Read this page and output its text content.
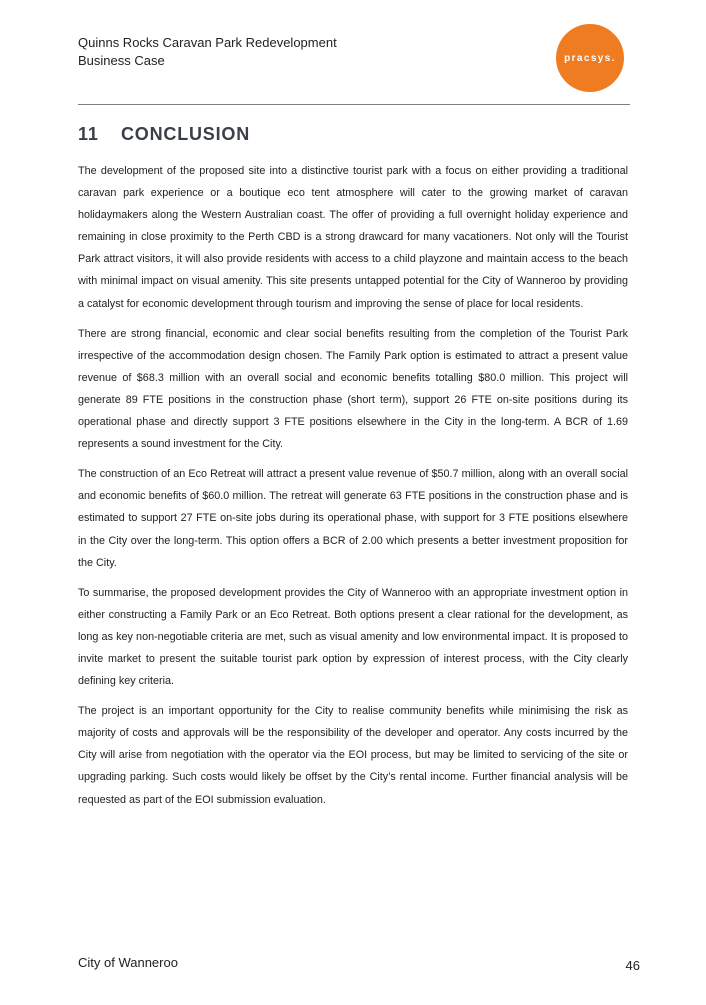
Quinns Rocks Caravan Park Redevelopment
Business Case	pracsys.
11 CONCLUSION

The development of the proposed site into a distinctive tourist park with a focus on either providing a traditional caravan park experience or a boutique eco tent atmosphere will cater to the growing market of caravan holidaymakers along the Western Australian coast. The offer of providing a full overnight holiday experience and remaining in close proximity to the Perth CBD is a strong drawcard for many vacationers. Not only will the Tourist Park attract visitors, it will also provide residents with access to a child playzone and maintain access to the beach with minimal impact on visual amenity. This site presents untapped potential for the City of Wanneroo by providing a catalyst for economic development through tourism and improving the sense of place for local residents.

There are strong financial, economic and clear social benefits resulting from the completion of the Tourist Park irrespective of the accommodation design chosen. The Family Park option is estimated to attract a present value revenue of $68.3 million with an overall social and economic benefits totalling $80.0 million. This project will generate 89 FTE positions in the construction phase (short term), support 26 FTE on-site positions during its operational phase and directly support 3 FTE positions elsewhere in the City in the long-term. A BCR of 1.69 represents a sound investment for the City.

The construction of an Eco Retreat will attract a present value revenue of $50.7 million, along with an overall social and economic benefits of $60.0 million. The retreat will generate 63 FTE positions in the construction phase and is estimated to support 27 FTE on-site jobs during its operational phase, with support for 3 FTE positions elsewhere in the City over the long-term. This option offers a BCR of 2.00 which presents a better investment proposition for the City.

To summarise, the proposed development provides the City of Wanneroo with an appropriate investment option in either constructing a Family Park or an Eco Retreat. Both options present a clear rational for the development, as long as key non-negotiable criteria are met, such as visual amenity and low environmental impact. It is proposed to invite market to present the suitable tourist park option by expression of interest process, with the City clearly defining key criteria.

The project is an important opportunity for the City to realise community benefits while minimising the risk as majority of costs and approvals will be the responsibility of the developer and operator. Any costs incurred by the City will arise from negotiation with the operator via the EOI process, but may be limited to servicing of the site or upgrading parking. Such costs would likely be offset by the City’s rental income. Further financial analysis will be requested as part of the EOI submission evaluation.

City of Wanneroo	46
